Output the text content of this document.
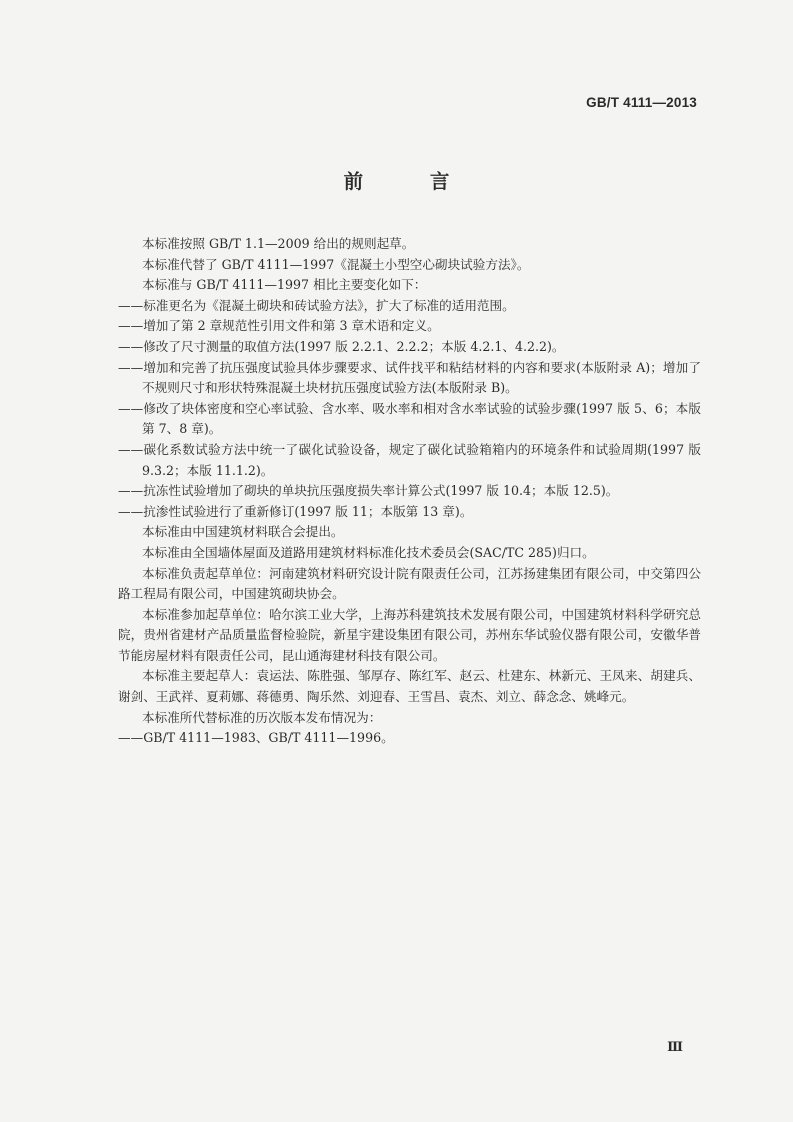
GB/T 4111—2013
前 言

本标准按照 GB/T 1.1—2009 给出的规则起草。

本标准代替了 GB/T 4111—1997《混凝土小型空心砌块试验方法》。

本标准与 GB/T 4111—1997 相比主要变化如下：

——标准更名为《混凝土砌块和砖试验方法》，扩大了标准的适用范围。

——增加了第 2 章规范性引用文件和第 3 章术语和定义。

——修改了尺寸测量的取值方法(1997 版 2.2.1、2.2.2；本版 4.2.1、4.2.2)。

——增加和完善了抗压强度试验具体步骤要求、试件找平和粘结材料的内容和要求(本版附录 A)；增加了不规则尺寸和形状特殊混凝土块材抗压强度试验方法(本版附录 B)。

——修改了块体密度和空心率试验、含水率、吸水率和相对含水率试验的试验步骤(1997 版 5、6；本版第 7、8 章)。

——碳化系数试验方法中统一了碳化试验设备，规定了碳化试验箱箱内的环境条件和试验周期(1997 版 9.3.2；本版 11.1.2)。

——抗冻性试验增加了砌块的单块抗压强度损失率计算公式(1997 版 10.4；本版 12.5)。

——抗渗性试验进行了重新修订(1997 版 11；本版第 13 章)。

本标准由中国建筑材料联合会提出。

本标准由全国墙体屋面及道路用建筑材料标准化技术委员会(SAC/TC 285)归口。

本标准负责起草单位：河南建筑材料研究设计院有限责任公司，江苏扬建集团有限公司，中交第四公路工程局有限公司，中国建筑砌块协会。

本标准参加起草单位：哈尔滨工业大学，上海苏科建筑技术发展有限公司，中国建筑材料科学研究总院，贵州省建材产品质量监督检验院，新星宇建设集团有限公司，苏州东华试验仪器有限公司，安徽华普节能房屋材料有限责任公司，昆山通海建材科技有限公司。

本标准主要起草人：袁运法、陈胜强、邹厚存、陈红军、赵云、杜建东、林新元、王凤来、胡建兵、谢剑、王武祥、夏莉娜、蒋德勇、陶乐然、刘迎春、王雪昌、袁杰、刘立、薛念念、姚峰元。

本标准所代替标准的历次版本发布情况为：

——GB/T 4111—1983、GB/T 4111—1996。

Ⅲ
